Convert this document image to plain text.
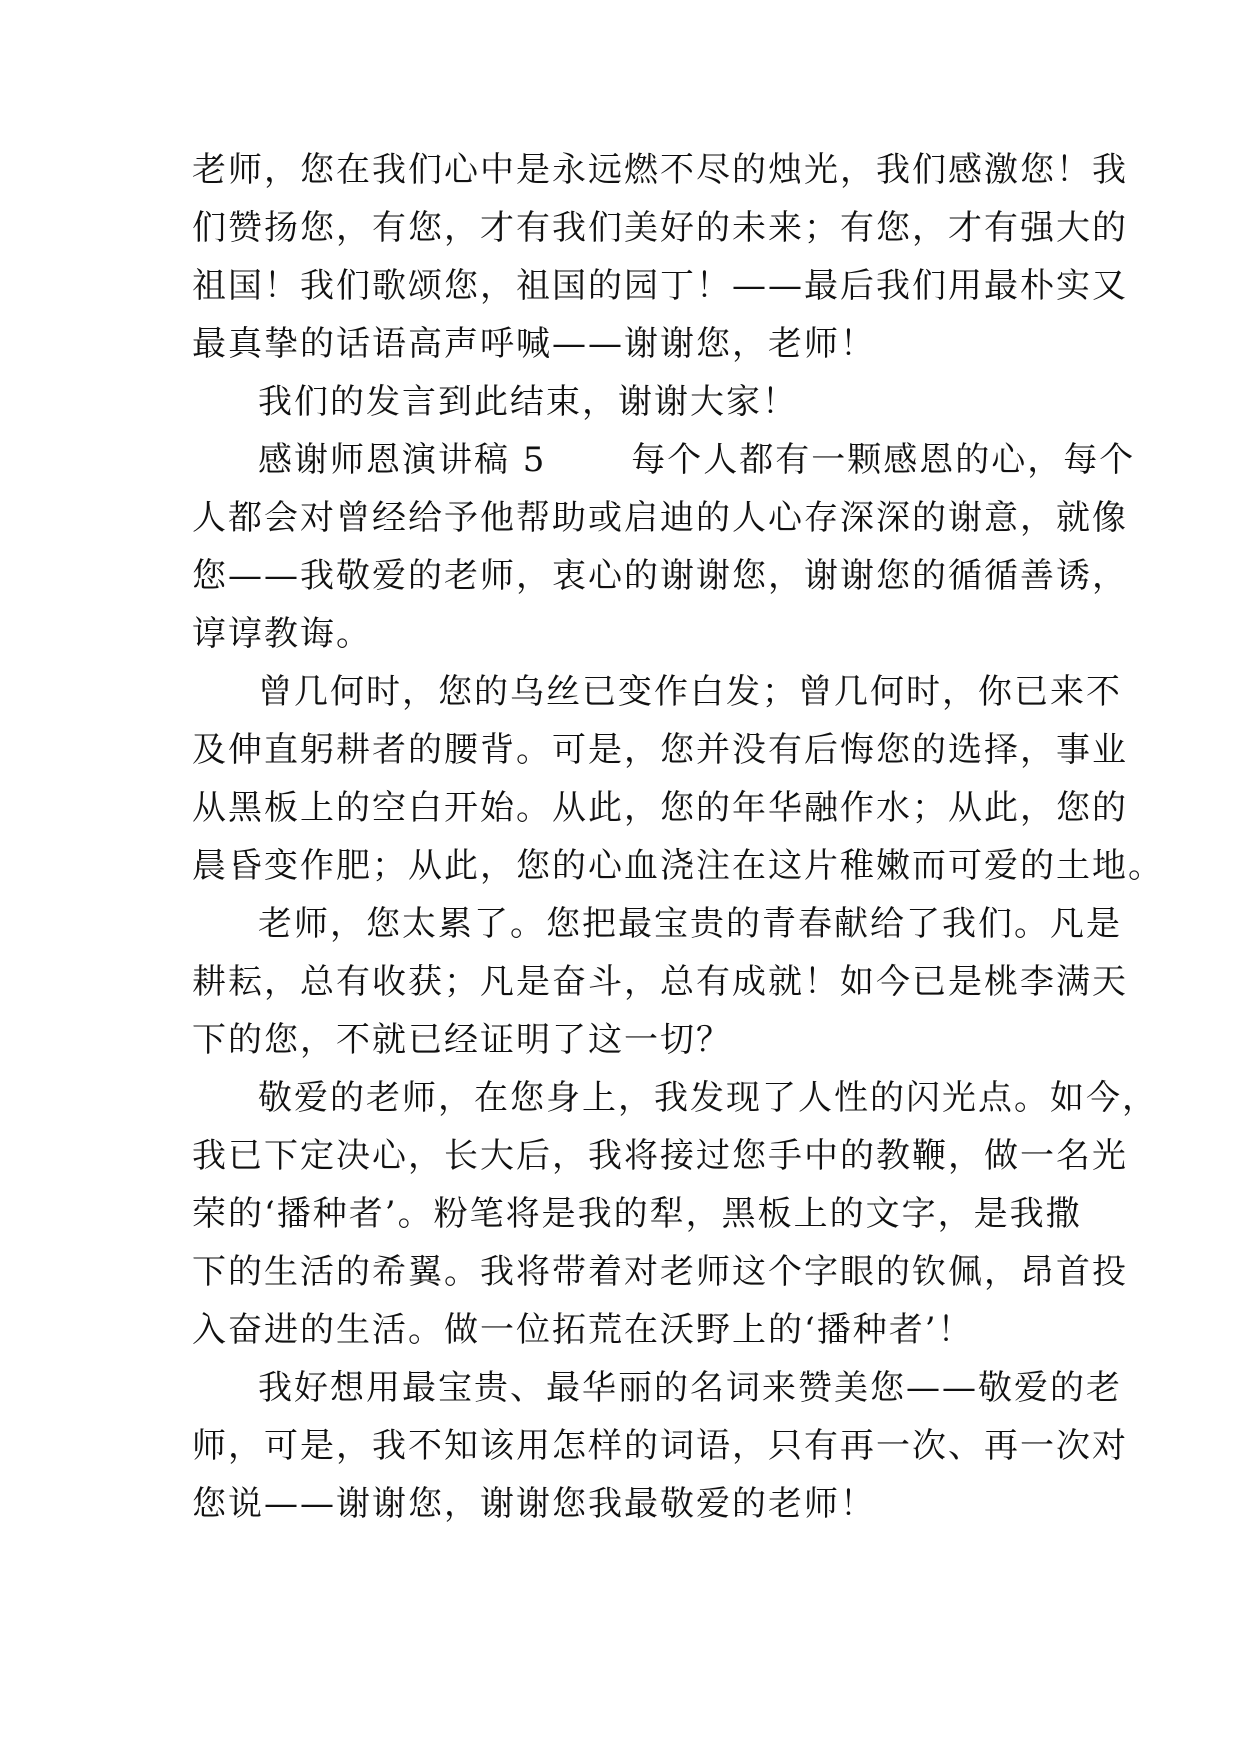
老师，您在我们心中是永远燃不尽的烛光，我们感激您！我
们赞扬您，有您，才有我们美好的未来；有您，才有强大的
祖国！我们歌颂您，祖国的园丁！——最后我们用最朴实又
最真挚的话语高声呼喊——谢谢您，老师！
我们的发言到此结束，谢谢大家！
感谢师恩演讲稿 5　　 每个人都有一颗感恩的心，每个
人都会对曾经给予他帮助或启迪的人心存深深的谢意，就像
您——我敬爱的老师，衷心的谢谢您，谢谢您的循循善诱，
谆谆教诲。
曾几何时，您的乌丝已变作白发；曾几何时，你已来不
及伸直躬耕者的腰背。可是，您并没有后悔您的选择，事业
从黑板上的空白开始。从此，您的年华融作水；从此，您的
晨昏变作肥；从此，您的心血浇注在这片稚嫩而可爱的土地。
老师，您太累了。您把最宝贵的青春献给了我们。凡是
耕耘，总有收获；凡是奋斗，总有成就！如今已是桃李满天
下的您，不就已经证明了这一切？
敬爱的老师，在您身上，我发现了人性的闪光点。如今，
我已下定决心，长大后，我将接过您手中的教鞭，做一名光
荣的‘播种者’。粉笔将是我的犁，黑板上的文字，是我撒
下的生活的希翼。我将带着对老师这个字眼的钦佩，昂首投
入奋进的生活。做一位拓荒在沃野上的‘播种者’！
我好想用最宝贵、最华丽的名词来赞美您——敬爱的老
师，可是，我不知该用怎样的词语，只有再一次、再一次对
您说——谢谢您，谢谢您我最敬爱的老师！
